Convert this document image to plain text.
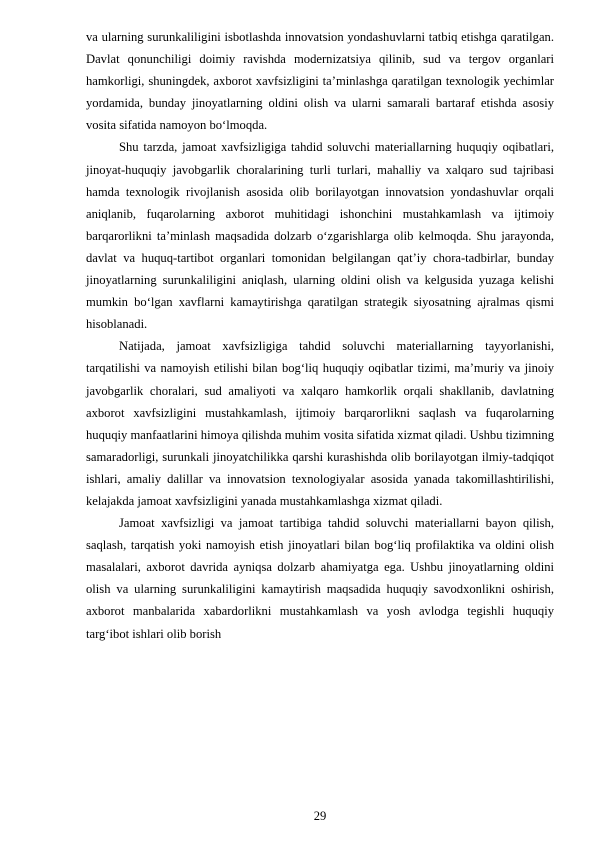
va ularning surunkaliligini isbotlashda innovatsion yondashuvlarni tatbiq etishga qaratilgan. Davlat qonunchiligi doimiy ravishda modernizatsiya qilinib, sud va tergov organlari hamkorligi, shuningdek, axborot xavfsizligini taʼminlashga qaratilgan texnologik yechimlar yordamida, bunday jinoyatlarning oldini olish va ularni samarali bartaraf etishda asosiy vosita sifatida namoyon boʻlmoqda.

Shu tarzda, jamoat xavfsizligiga tahdid soluvchi materiallarning huquqiy oqibatlari, jinoyat-huquqiy javobgarlik choralarining turli turlari, mahalliy va xalqaro sud tajribasi hamda texnologik rivojlanish asosida olib borilayotgan innovatsion yondashuvlar orqali aniqlanib, fuqarolarning axborot muhitidagi ishonchini mustahkamlash va ijtimoiy barqarorlikni taʼminlash maqsadida dolzarb oʻzgarishlarga olib kelmoqda. Shu jarayonda, davlat va huquq-tartibot organlari tomonidan belgilangan qatʼiy chora-tadbirlar, bunday jinoyatlarning surunkaliligini aniqlash, ularning oldini olish va kelgusida yuzaga kelishi mumkin boʻlgan xavflarni kamaytirishga qaratilgan strategik siyosatning ajralmas qismi hisoblanadi.

Natijada, jamoat xavfsizligiga tahdid soluvchi materiallarning tayyorlanishi, tarqatilishi va namoyish etilishi bilan bogʻliq huquqiy oqibatlar tizimi, maʼmuriy va jinoiy javobgarlik choralari, sud amaliyoti va xalqaro hamkorlik orqali shakllanib, davlatning axborot xavfsizligini mustahkamlash, ijtimoiy barqarorlikni saqlash va fuqarolarning huquqiy manfaatlarini himoya qilishda muhim vosita sifatida xizmat qiladi. Ushbu tizimning samaradorligi, surunkali jinoyatchilikka qarshi kurashishda olib borilayotgan ilmiy-tadqiqot ishlari, amaliy dalillar va innovatsion texnologiyalar asosida yanada takomillashtirilishi, kelajakda jamoat xavfsizligini yanada mustahkamlashga xizmat qiladi.

Jamoat xavfsizligi va jamoat tartibiga tahdid soluvchi materiallarni bayon qilish, saqlash, tarqatish yoki namoyish etish jinoyatlari bilan bogʻliq profilaktika va oldini olish masalalari, axborot davrida ayniqsa dolzarb ahamiyatga ega. Ushbu jinoyatlarning oldini olish va ularning surunkaliligini kamaytirish maqsadida huquqiy savodxonlikni oshirish, axborot manbalarida xabardorlikni mustahkamlash va yosh avlodga tegishli huquqiy targʻibot ishlari olib borish

29
